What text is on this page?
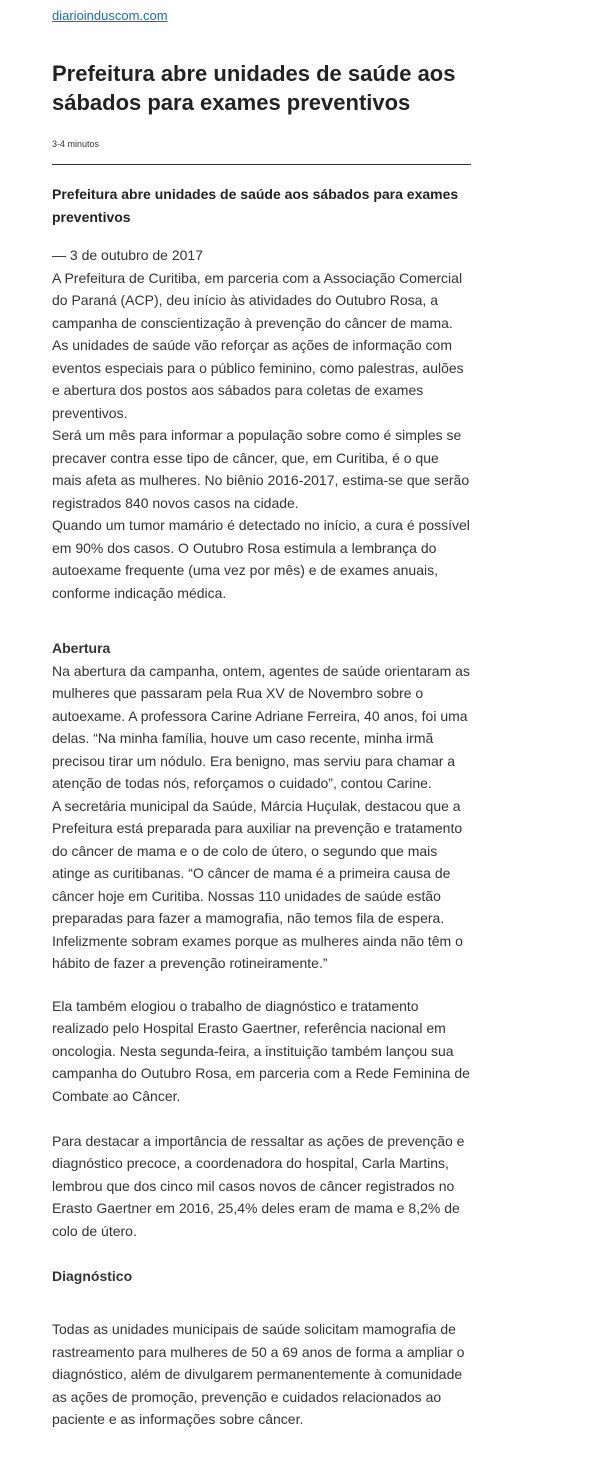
diarioinduscom.com
Prefeitura abre unidades de saúde aos sábados para exames preventivos
3-4 minutos
Prefeitura abre unidades de saúde aos sábados para exames preventivos

— 3 de outubro de 2017

A Prefeitura de Curitiba, em parceria com a Associação Comercial do Paraná (ACP), deu início às atividades do Outubro Rosa, a campanha de conscientização à prevenção do câncer de mama.

As unidades de saúde vão reforçar as ações de informação com eventos especiais para o público feminino, como palestras, aulões e abertura dos postos aos sábados para coletas de exames preventivos.

Será um mês para informar a população sobre como é simples se precaver contra esse tipo de câncer, que, em Curitiba, é o que mais afeta as mulheres. No biênio 2016-2017, estima-se que serão registrados 840 novos casos na cidade.

Quando um tumor mamário é detectado no início, a cura é possível em 90% dos casos. O Outubro Rosa estimula a lembrança do autoexame frequente (uma vez por mês) e de exames anuais, conforme indicação médica.

Abertura

Na abertura da campanha, ontem, agentes de saúde orientaram as mulheres que passaram pela Rua XV de Novembro sobre o autoexame. A professora Carine Adriane Ferreira, 40 anos, foi uma delas. “Na minha família, houve um caso recente, minha irmã precisou tirar um nódulo. Era benigno, mas serviu para chamar a atenção de todas nós, reforçamos o cuidado”, contou Carine.

A secretária municipal da Saúde, Márcia Huçulak, destacou que a Prefeitura está preparada para auxiliar na prevenção e tratamento do câncer de mama e o de colo de útero, o segundo que mais atinge as curitibanas. “O câncer de mama é a primeira causa de câncer hoje em Curitiba. Nossas 110 unidades de saúde estão preparadas para fazer a mamografia, não temos fila de espera. Infelizmente sobram exames porque as mulheres ainda não têm o hábito de fazer a prevenção rotineiramente.”

Ela também elogiou o trabalho de diagnóstico e tratamento realizado pelo Hospital Erasto Gaertner, referência nacional em oncologia. Nesta segunda-feira, a instituição também lançou sua campanha do Outubro Rosa, em parceria com a Rede Feminina de Combate ao Câncer.

Para destacar a importância de ressaltar as ações de prevenção e diagnóstico precoce, a coordenadora do hospital, Carla Martins, lembrou que dos cinco mil casos novos de câncer registrados no Erasto Gaertner em 2016, 25,4% deles eram de mama e 8,2% de colo de útero.

Diagnóstico

Todas as unidades municipais de saúde solicitam mamografia de rastreamento para mulheres de 50 a 69 anos de forma a ampliar o diagnóstico, além de divulgarem permanentemente à comunidade as ações de promoção, prevenção e cuidados relacionados ao paciente e as informações sobre câncer.
